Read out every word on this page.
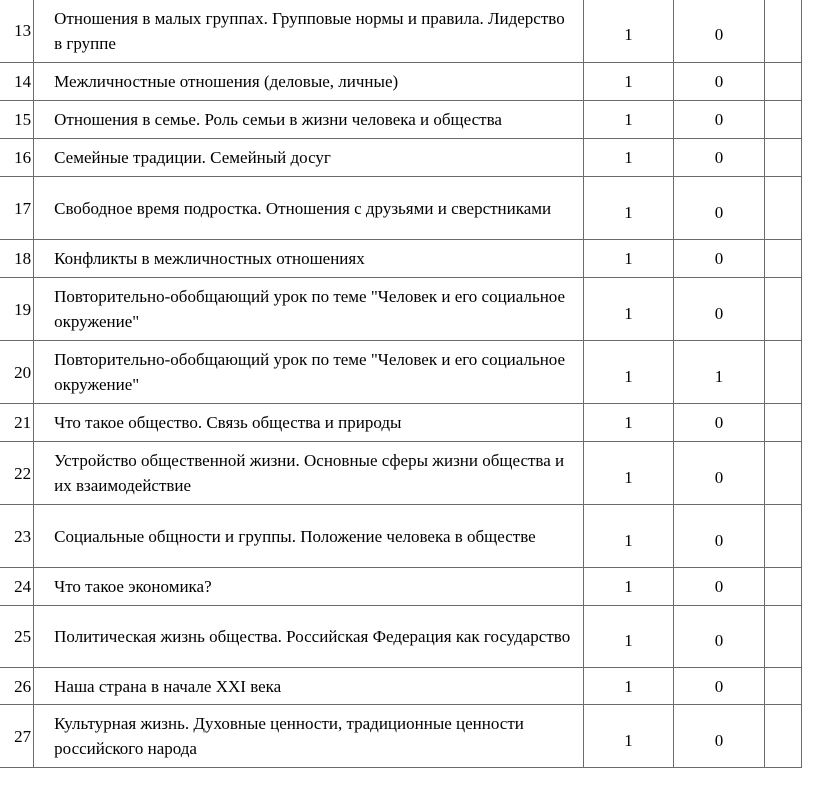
13	Отношения в малых группах. Групповые нормы и правила. Лидерство в группе	1	0	
14	Межличностные отношения (деловые, личные)	1	0	
15	Отношения в семье. Роль семьи в жизни человека и общества	1	0	
16	Семейные традиции. Семейный досуг	1	0	
17	Свободное время подростка. Отношения с друзьями и сверстниками	1	0	
18	Конфликты в межличностных отношениях	1	0	
19	Повторительно-обобщающий урок по теме "Человек и его социальное окружение"	1	0	
20	Повторительно-обобщающий урок по теме "Человек и его социальное окружение"	1	1	
21	Что такое общество. Связь общества и природы	1	0	
22	Устройство общественной жизни. Основные сферы жизни общества и их взаимодействие	1	0	
23	Социальные общности и группы. Положение человека в обществе	1	0	
24	Что такое экономика?	1	0	
25	Политическая жизнь общества. Российская Федерация как государство	1	0	
26	Наша страна в начале XXI века	1	0	
27	Культурная жизнь. Духовные ценности, традиционные ценности российского народа	1	0	
